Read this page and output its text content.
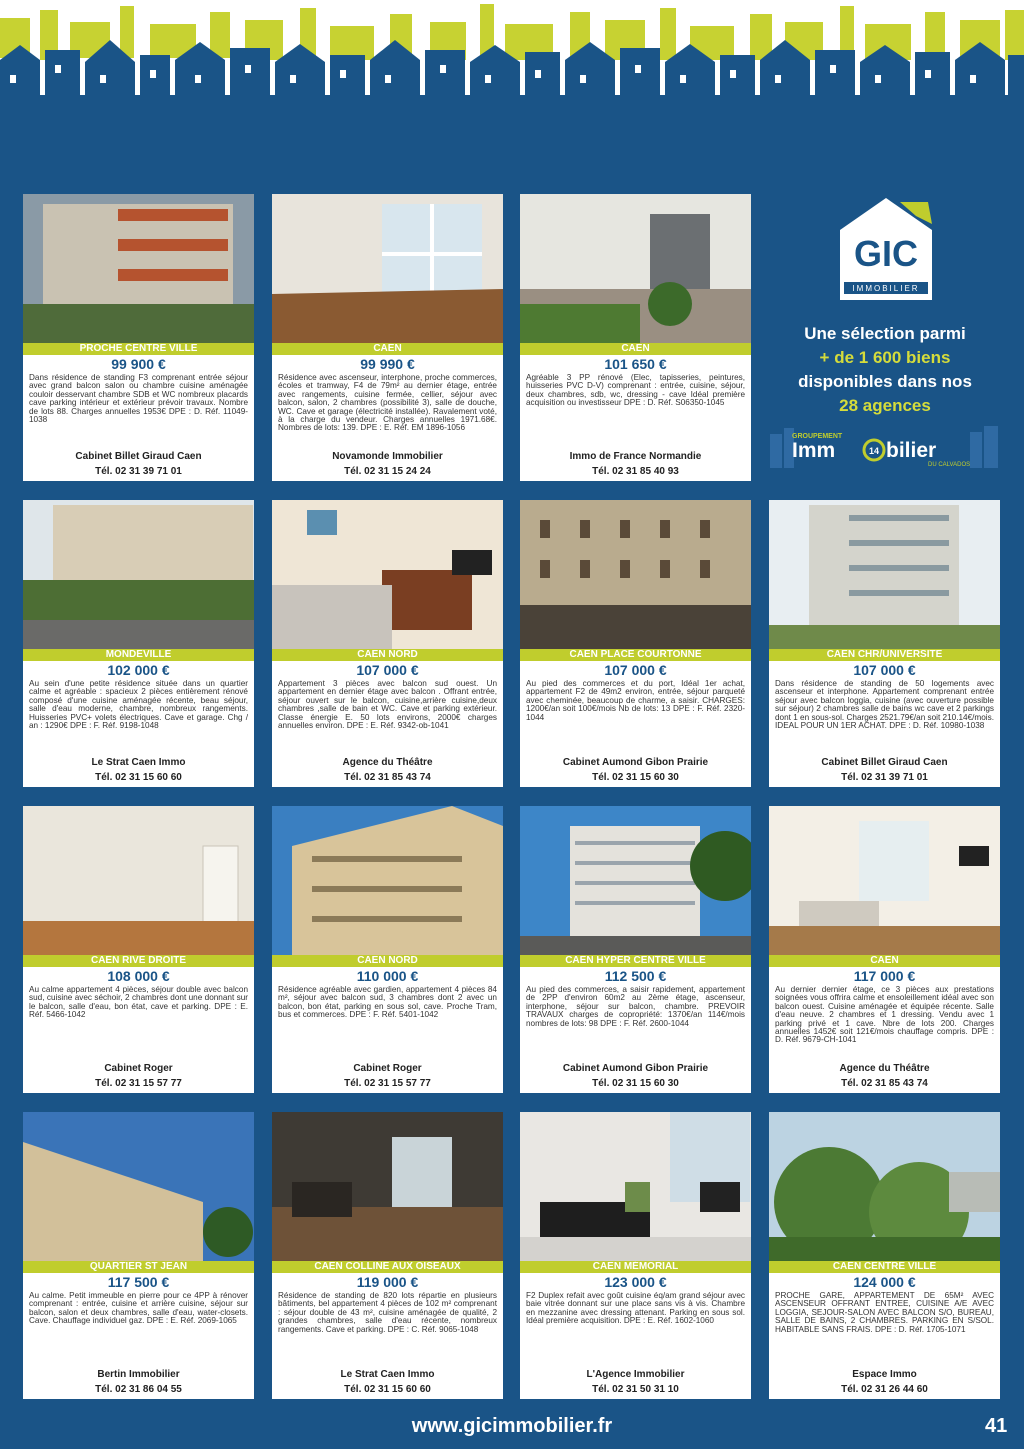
PROCHE CENTRE VILLE
99 900 €
Dans résidence de standing F3 comprenant entrée séjour avec grand balcon salon ou chambre cuisine aménagée couloir desservant chambre SDB et WC nombreux placards cave parking intérieur et extérieur prévoir travaux. Nombre de lots 88. Charges annuelles 1953€ DPE : D. Réf. 11049-1038
Cabinet Billet Giraud Caen
Tél. 02 31 39 71 01
CAEN
99 990 €
Résidence avec ascenseur, interphone, proche commerces, écoles et tramway, F4 de 79m² au dernier étage, entrée avec rangements, cuisine fermée, cellier, séjour avec balcon, salon, 2 chambres (possibilité 3), salle de douche, WC. Cave et garage (électricité installée). Ravalement voté, à la charge du vendeur. Charges annuelles 1971.68€. Nombres de lots: 139. DPE : E. Réf. EM 1896-1056
Novamonde Immobilier
Tél. 02 31 15 24 24
CAEN
101 650 €
Agréable 3 PP rénové (Elec, tapisseries, peintures, huisseries PVC D-V) comprenant : entrée, cuisine, séjour, deux chambres, sdb, wc, dressing - cave Idéal première acquisition ou investisseur DPE : D. Réf. S06350-1045
Immo de France Normandie
Tél. 02 31 85 40 93
GIC
IMMOBILIER
Une sélection parmi
+ de 1 600 biens
disponibles dans nos
28 agences
GROUPEMENT
Imm	14 bilier
DU CALVADOS
MONDEVILLE
102 000 €
Au sein d'une petite résidence située dans un quartier calme et agréable : spacieux 2 pièces entièrement rénové composé d'une cuisine aménagée récente, beau séjour, salle d'eau moderne, chambre, nombreux rangements. Huisseries PVC+ volets électriques. Cave et garage. Chg / an : 1290€ DPE : F. Réf. 9198-1048
Le Strat Caen Immo
Tél. 02 31 15 60 60
CAEN NORD
107 000 €
Appartement 3 pièces avec balcon sud ouest. Un appartement en dernier étage avec balcon . Offrant entrée, séjour ouvert sur le balcon, cuisine,arrière cuisine,deux chambres ,salle de bain et WC. Cave et parking extérieur. Classe énergie E. 50 lots environs, 2000€ charges annuelles environ. DPE : E. Réf. 9342-ob-1041
Agence du Théâtre
Tél. 02 31 85 43 74
CAEN PLACE COURTONNE
107 000 €
Au pied des commerces et du port, Idéal 1er achat, appartement F2 de 49m2 environ, entrée, séjour parqueté avec cheminée, beaucoup de charme, a saisir. CHARGES: 1200€/an soit 100€/mois Nb de lots: 13 DPE : F. Réf. 2320-1044
Cabinet Aumond Gibon Prairie
Tél. 02 31 15 60 30
CAEN CHR/UNIVERSITE
107 000 €
Dans résidence de standing de 50 logements avec ascenseur et interphone. Appartement comprenant entrée séjour avec balcon loggia, cuisine (avec ouverture possible sur séjour) 2 chambres salle de bains wc cave et 2 parkings dont 1 en sous-sol. Charges 2521.79€/an soit 210.14€/mois. IDEAL POUR UN 1ER ACHAT. DPE : D. Réf. 10980-1038
Cabinet Billet Giraud Caen
Tél. 02 31 39 71 01
CAEN RIVE DROITE
108 000 €
Au calme appartement 4 pièces, séjour double avec balcon sud, cuisine avec séchoir, 2 chambres dont une donnant sur le balcon, salle d'eau, bon état, cave et parking. DPE : E. Réf. 5466-1042
Cabinet Roger
Tél. 02 31 15 57 77
CAEN NORD
110 000 €
Résidence agréable avec gardien, appartement 4 pièces 84 m², séjour avec balcon sud, 3 chambres dont 2 avec un balcon, bon état, parking en sous sol, cave. Proche Tram, bus et commerces. DPE : F. Réf. 5401-1042
Cabinet Roger
Tél. 02 31 15 57 77
CAEN HYPER CENTRE VILLE
112 500 €
Au pied des commerces, a saisir rapidement, appartement de 2PP d'environ 60m2 au 2ème étage, ascenseur, interphone, séjour sur balcon, chambre. PREVOIR TRAVAUX charges de copropriété: 1370€/an 114€/mois nombres de lots: 98 DPE : F. Réf. 2600-1044
Cabinet Aumond Gibon Prairie
Tél. 02 31 15 60 30
CAEN
117 000 €
Au dernier dernier étage, ce 3 pièces aux prestations soignées vous offrira calme et ensoleillement idéal avec son balcon ouest. Cuisine aménagée et équipée récente. Salle d'eau neuve. 2 chambres et 1 dressing. Vendu avec 1 parking privé et 1 cave. Nbre de lots 200. Charges annuelles 1452€ soit 121€/mois chauffage compris. DPE : D. Réf. 9679-CH-1041
Agence du Théâtre
Tél. 02 31 85 43 74
QUARTIER ST JEAN
117 500 €
Au calme. Petit immeuble en pierre pour ce 4PP à rénover comprenant : entrée, cuisine et arrière cuisine, séjour sur balcon, salon et deux chambres, salle d'eau, water-closets. Cave. Chauffage individuel gaz. DPE : E. Réf. 2069-1065
Bertin Immobilier
Tél. 02 31 86 04 55
CAEN COLLINE AUX OISEAUX
119 000 €
Résidence de standing de 820 lots répartie en plusieurs bâtiments, bel appartement 4 pièces de 102 m² comprenant : séjour double de 43 m², cuisine aménagée de qualité, 2 grandes chambres, salle d'eau récente, nombreux rangements. Cave et parking. DPE : C. Réf. 9065-1048
Le Strat Caen Immo
Tél. 02 31 15 60 60
CAEN MÉMORIAL
123 000 €
F2 Duplex refait avec goût cuisine éq/am grand séjour avec baie vitrée donnant sur une place sans vis à vis. Chambre en mezzanine avec dressing attenant. Parking en sous sol. Idéal première acquisition. DPE : E. Réf. 1602-1060
L'Agence Immobilier
Tél. 02 31 50 31 10
CAEN CENTRE VILLE
124 000 €
PROCHE GARE, APPARTEMENT DE 65M² AVEC ASCENSEUR OFFRANT ENTREE, CUISINE A/E AVEC LOGGIA, SEJOUR-SALON AVEC BALCON S/O, BUREAU, SALLE DE BAINS, 2 CHAMBRES. PARKING EN S/SOL. HABITABLE SANS FRAIS. DPE : D. Réf. 1705-1071
Espace Immo
Tél. 02 31 26 44 60
www.gicimmobilier.fr	41
